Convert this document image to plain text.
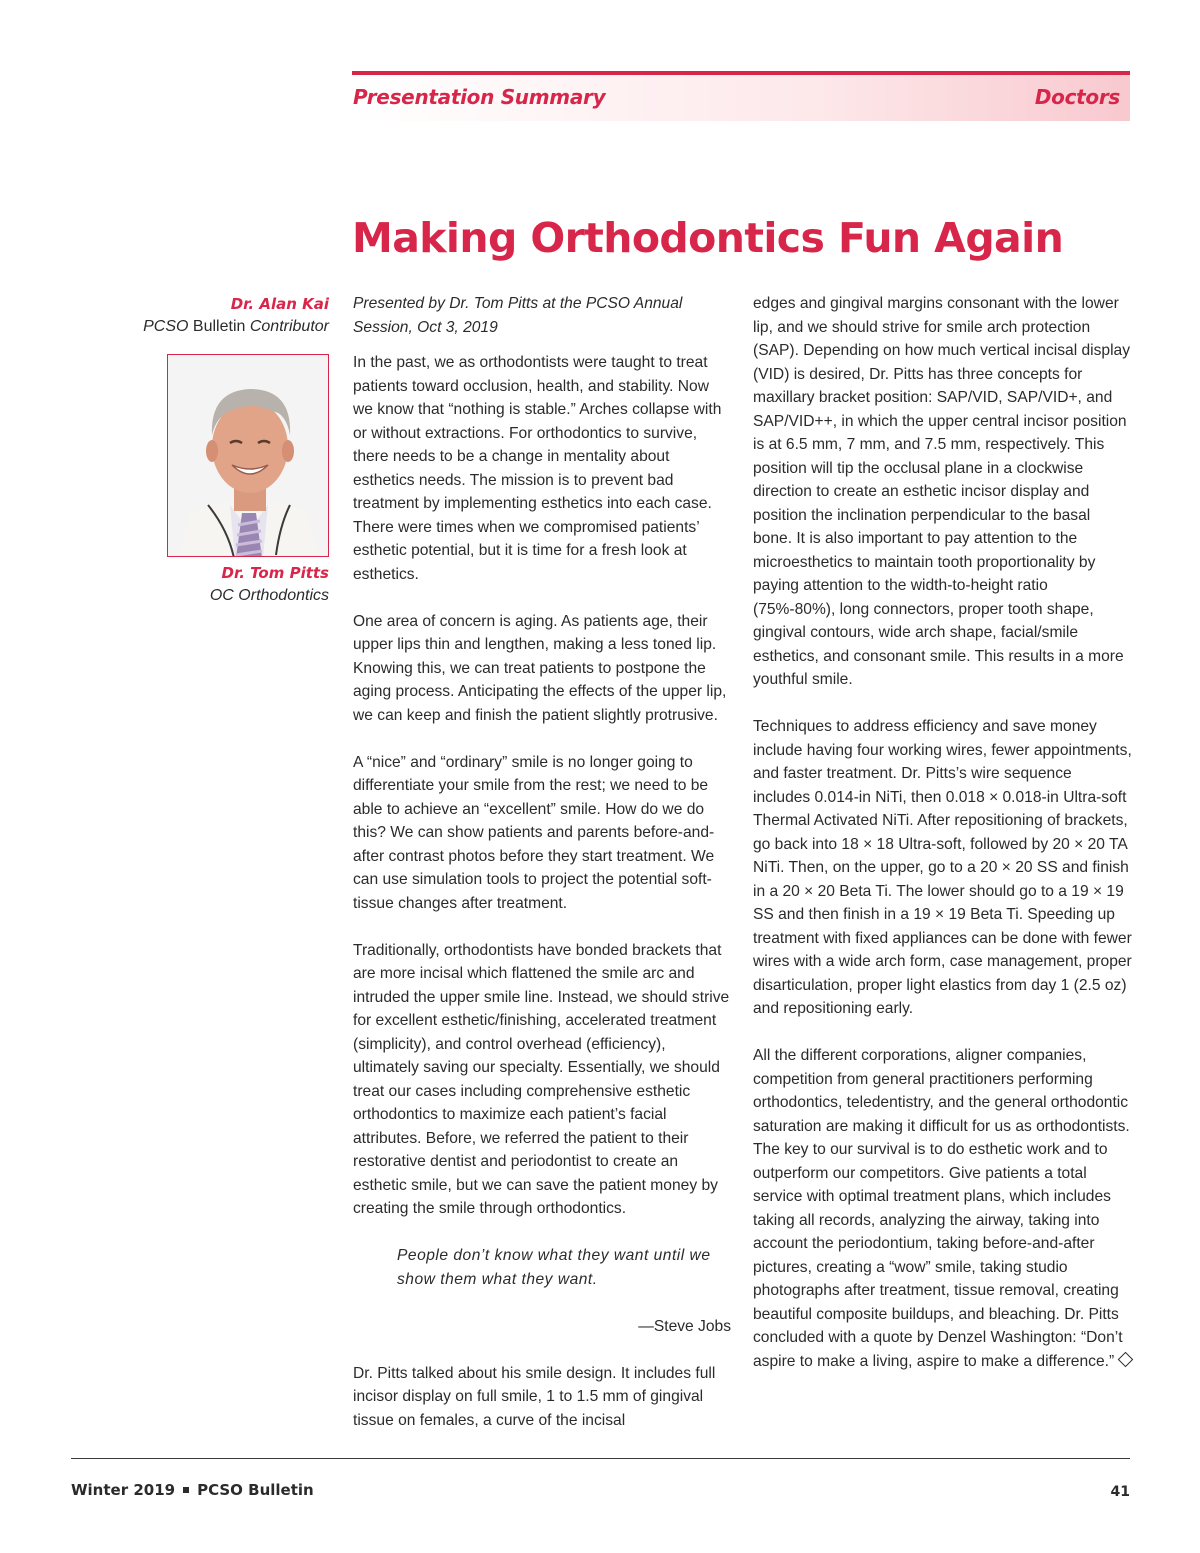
Presentation Summary	Doctors
Making Orthodontics Fun Again
Dr. Alan Kai
PCSO Bulletin Contributor
Dr. Tom Pitts
OC Orthodontics

Presented by Dr. Tom Pitts at the PCSO Annual Session, Oct 3, 2019

In the past, we as orthodontists were taught to treat patients toward occlusion, health, and stability. Now we know that “nothing is stable.” Arches collapse with or without extractions. For orthodontics to survive, there needs to be a change in mentality about esthetics needs. The mission is to prevent bad treatment by implementing esthetics into each case. There were times when we compromised patients’ esthetic potential, but it is time for a fresh look at esthetics.

One area of concern is aging. As patients age, their upper lips thin and lengthen, making a less toned lip. Knowing this, we can treat patients to postpone the aging process. Anticipating the effects of the upper lip, we can keep and finish the patient slightly protrusive.

A “nice” and “ordinary” smile is no longer going to differentiate your smile from the rest; we need to be able to achieve an “excellent” smile. How do we do this? We can show patients and parents before-and-after contrast photos before they start treatment. We can use simulation tools to project the potential soft-tissue changes after treatment.

Traditionally, orthodontists have bonded brackets that are more incisal which flattened the smile arc and intruded the upper smile line. Instead, we should strive for excellent esthetic/finishing, accelerated treatment (simplicity), and control overhead (efficiency), ultimately saving our specialty. Essentially, we should treat our cases including comprehensive esthetic orthodontics to maximize each patient’s facial attributes. Before, we referred the patient to their restorative dentist and periodontist to create an esthetic smile, but we can save the patient money by creating the smile through orthodontics.

People don’t know what they want until we show them what they want.

—Steve Jobs

Dr. Pitts talked about his smile design. It includes full incisor display on full smile, 1 to 1.5 mm of gingival tissue on females, a curve of the incisal

edges and gingival margins consonant with the lower lip, and we should strive for smile arch protection (SAP). Depending on how much vertical incisal display (VID) is desired, Dr. Pitts has three concepts for maxillary bracket position: SAP/VID, SAP/VID+, and SAP/VID++, in which the upper central incisor position is at 6.5 mm, 7 mm, and 7.5 mm, respectively. This position will tip the occlusal plane in a clockwise direction to create an esthetic incisor display and position the inclination perpendicular to the basal bone. It is also important to pay attention to the microesthetics to maintain tooth proportionality by paying attention to the width-to-height ratio (75%-80%), long connectors, proper tooth shape, gingival contours, wide arch shape, facial/smile esthetics, and consonant smile. This results in a more youthful smile.

Techniques to address efficiency and save money include having four working wires, fewer appointments, and faster treatment. Dr. Pitts’s wire sequence includes 0.014-in NiTi, then 0.018 × 0.018-in Ultra-soft Thermal Activated NiTi. After repositioning of brackets, go back into 18 × 18 Ultra-soft, followed by 20 × 20 TA NiTi. Then, on the upper, go to a 20 × 20 SS and finish in a 20 × 20 Beta Ti. The lower should go to a 19 × 19 SS and then finish in a 19 × 19 Beta Ti. Speeding up treatment with fixed appliances can be done with fewer wires with a wide arch form, case management, proper disarticulation, proper light elastics from day 1 (2.5 oz) and repositioning early.

All the different corporations, aligner companies, competition from general practitioners performing orthodontics, teledentistry, and the general orthodontic saturation are making it difficult for us as orthodontists. The key to our survival is to do esthetic work and to outperform our competitors. Give patients a total service with optimal treatment plans, which includes taking all records, analyzing the airway, taking into account the periodontium, taking before-and-after pictures, creating a “wow” smile, taking studio photographs after treatment, tissue removal, creating beautiful composite buildups, and bleaching. Dr. Pitts concluded with a quote by Denzel Washington: “Don’t aspire to make a living, aspire to make a difference.”

Winter 2019 PCSO Bulletin	41
